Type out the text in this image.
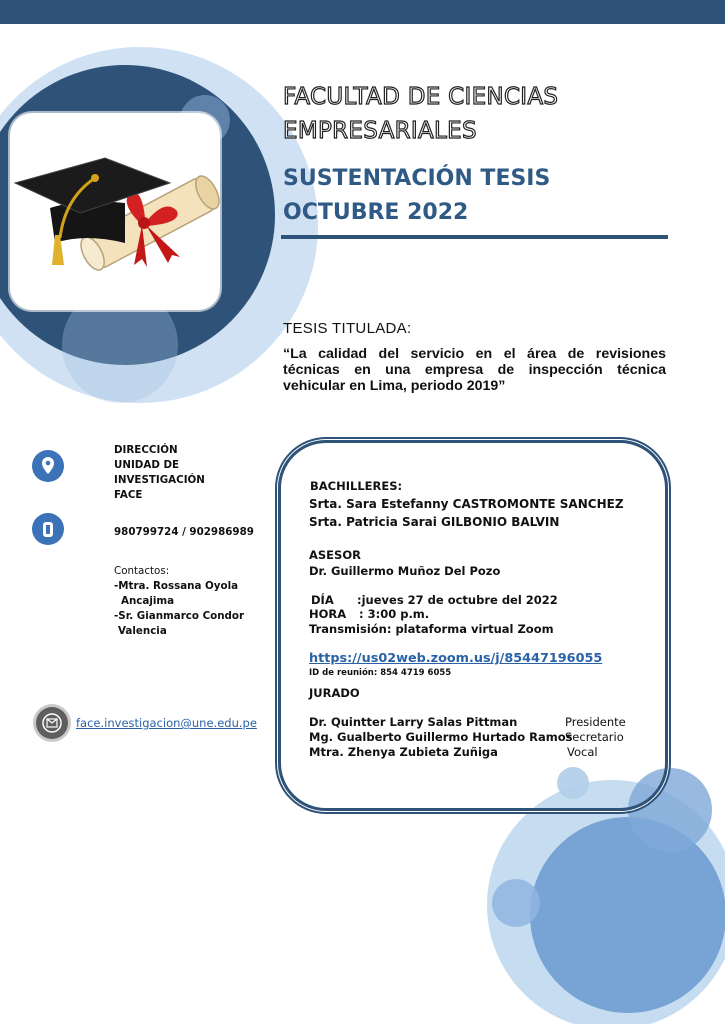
FACULTAD DE CIENCIAS
EMPRESARIALES
SUSTENTACIÓN TESIS
OCTUBRE 2022
TESIS TITULADA:
“La calidad del servicio en el área de revisiones técnicas en una empresa de inspección técnica vehicular en Lima, periodo 2019”
DIRECCIÓN
UNIDAD DE
INVESTIGACIÓN
FACE
980799724 / 902986989
Contactos:
-Mtra. Rossana Oyola
Ancajima
-Sr. Gianmarco Condor
Valencia
face.investigacion@une.edu.pe
BACHILLERES:
Srta. Sara Estefanny CASTROMONTE SANCHEZ
Srta. Patricia Sarai GILBONIO BALVIN
ASESOR
Dr. Guillermo Muñoz Del Pozo
DÍA :jueves 27 de octubre del 2022
HORA : 3:00 p.m.
Transmisión: plataforma virtual Zoom
https://us02web.zoom.us/j/85447196055
ID de reunión: 854 4719 6055
JURADO
Dr. Quintter Larry Salas Pittman	Presidente
Mg. Gualberto Guillermo Hurtado Ramos
Secretario
Mtra. Zhenya Zubieta Zuñiga	Vocal
